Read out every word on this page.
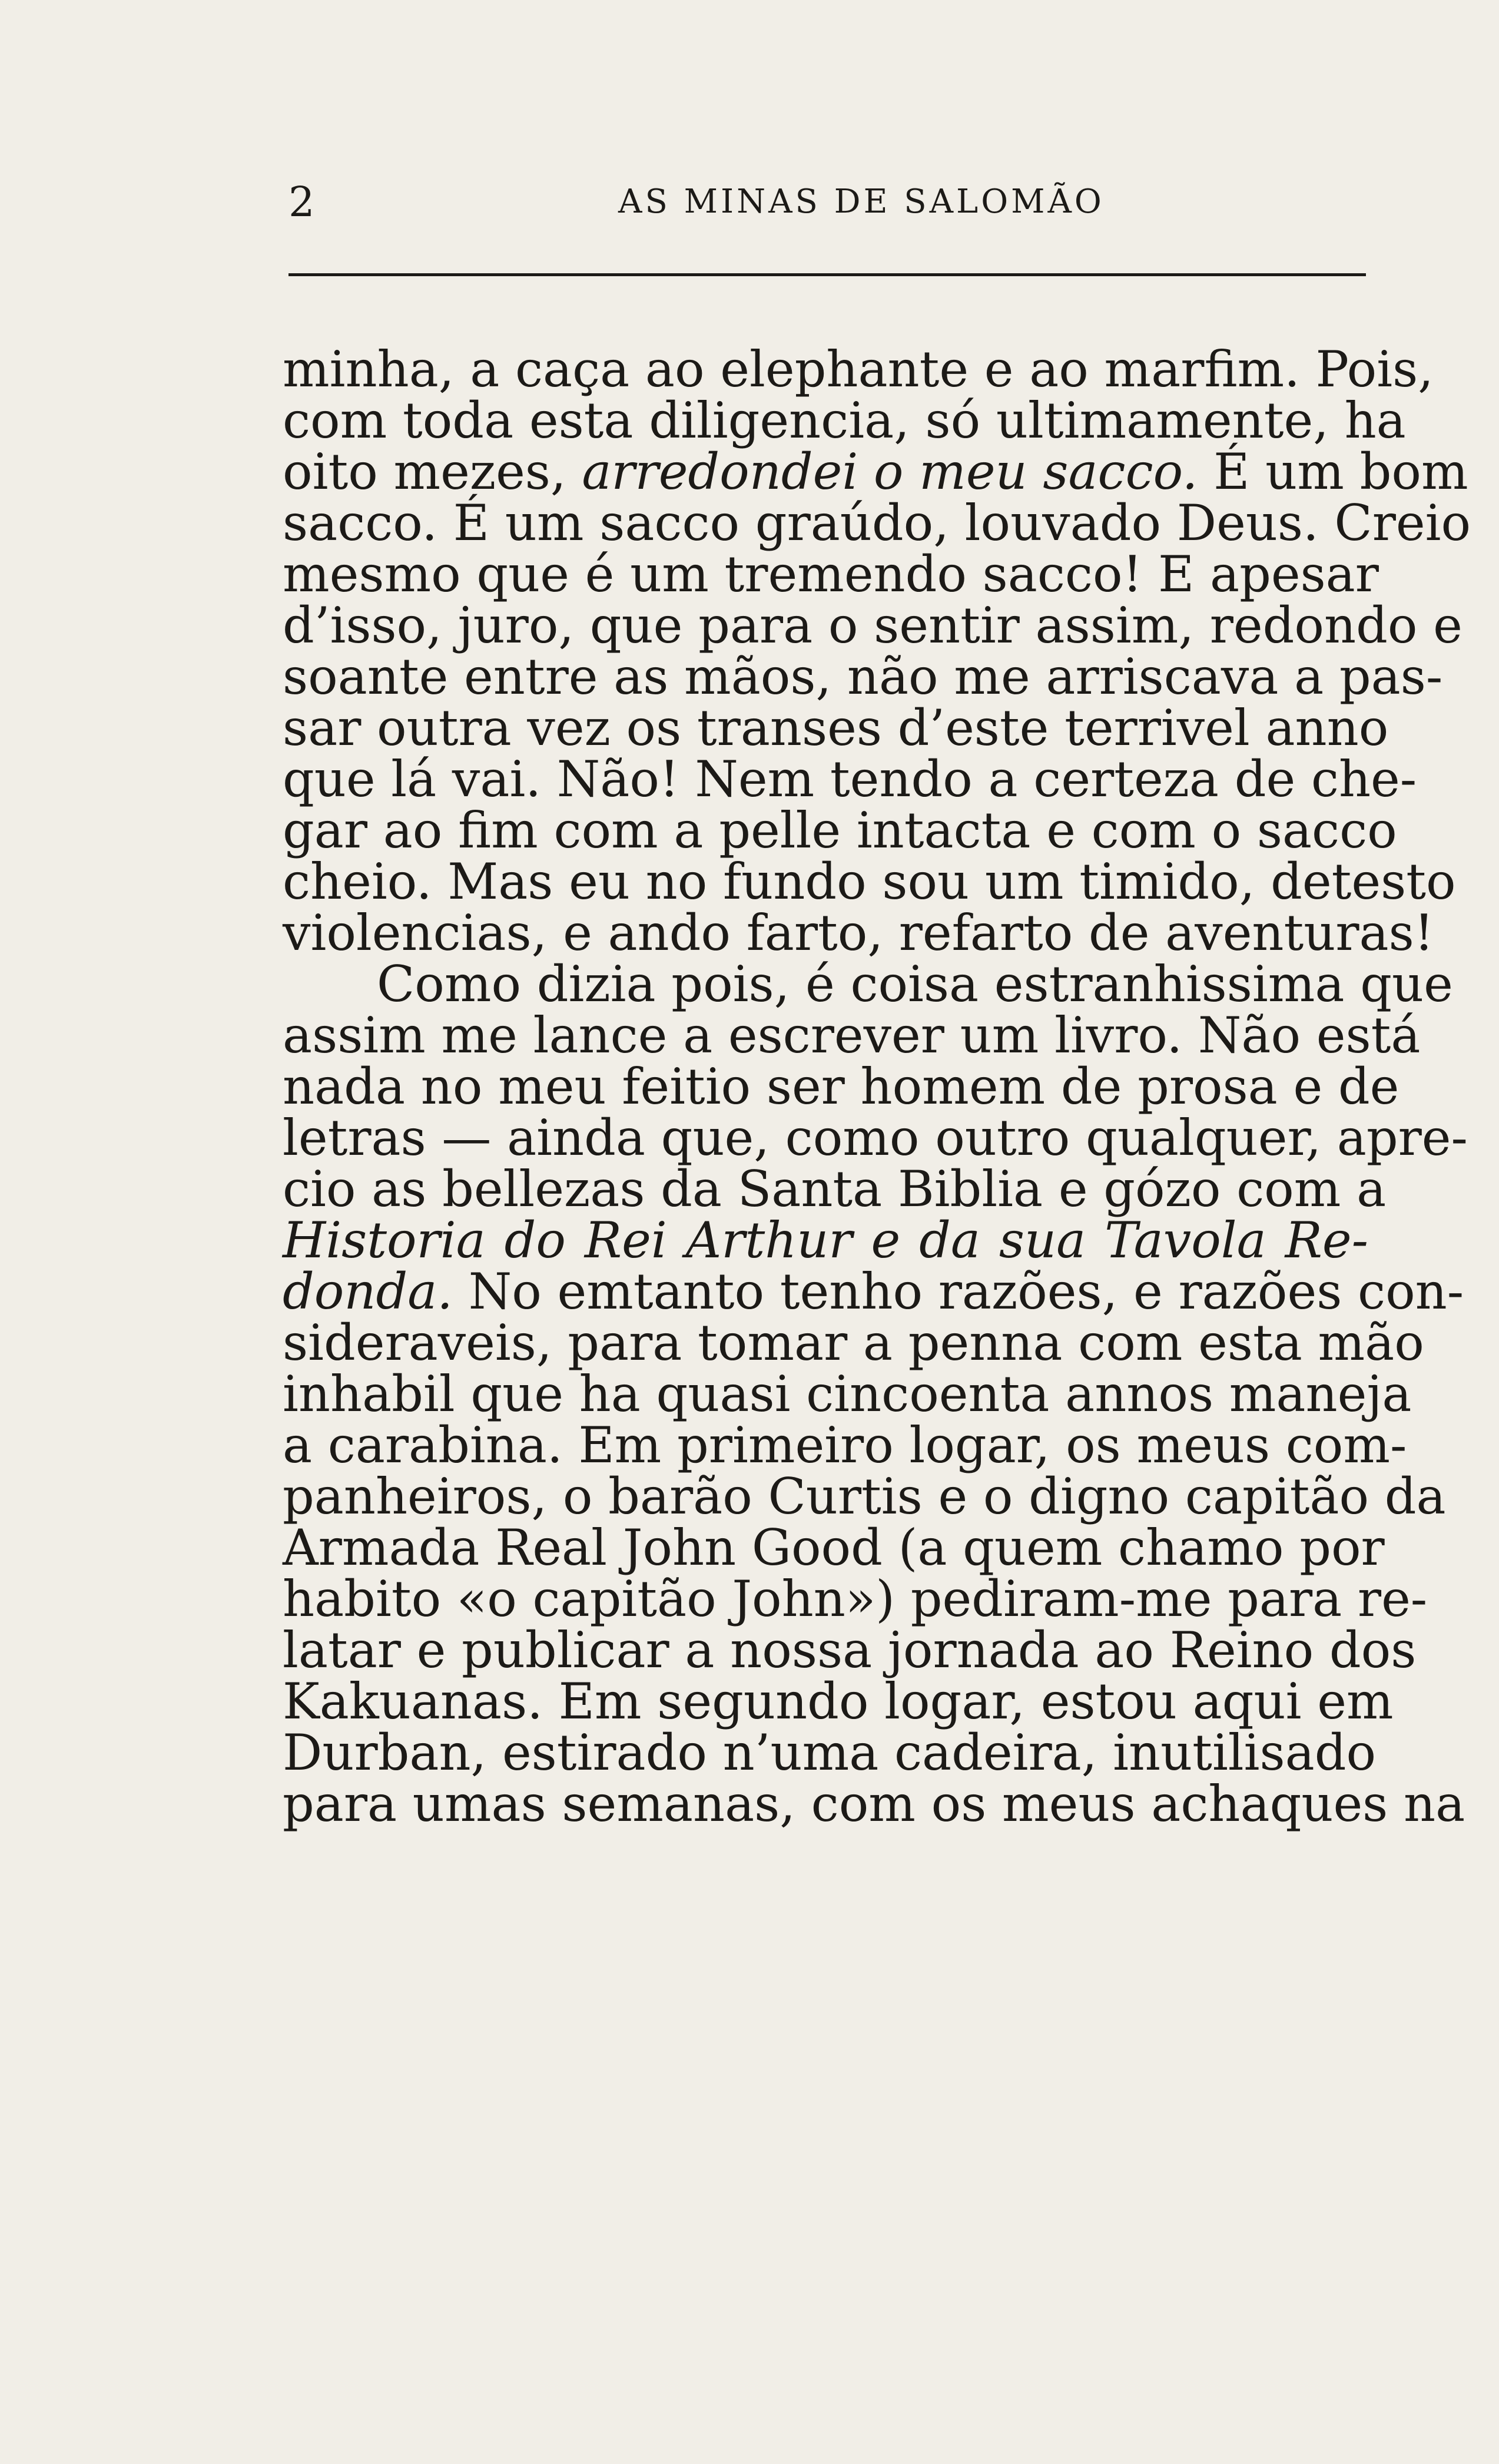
2	AS MINAS DE SALOMÃO
minha, a caça ao elephante e ao marfim. Pois,
com toda esta diligencia, só ultimamente, ha
oito mezes, arredondei o meu sacco. É um bom
sacco. É um sacco graúdo, louvado Deus. Creio
mesmo que é um tremendo sacco! E apesar
d’isso, juro, que para o sentir assim, redondo e
soante entre as mãos, não me arriscava a pas-
sar outra vez os transes d’este terrivel anno
que lá vai. Não! Nem tendo a certeza de che-
gar ao fim com a pelle intacta e com o sacco
cheio. Mas eu no fundo sou um timido, detesto
violencias, e ando farto, refarto de aventuras!
Como dizia pois, é coisa estranhissima que
assim me lance a escrever um livro. Não está
nada no meu feitio ser homem de prosa e de
letras — ainda que, como outro qualquer, apre-
cio as bellezas da Santa Biblia e gózo com a
Historia do Rei Arthur e da sua Tavola Re-
donda. No emtanto tenho razões, e razões con-
sideraveis, para tomar a penna com esta mão
inhabil que ha quasi cincoenta annos maneja
a carabina. Em primeiro logar, os meus com-
panheiros, o barão Curtis e o digno capitão da
Armada Real John Good (a quem chamo por
habito «o capitão John») pediram-me para re-
latar e publicar a nossa jornada ao Reino dos
Kakuanas. Em segundo logar, estou aqui em
Durban, estirado n’uma cadeira, inutilisado
para umas semanas, com os meus achaques na
